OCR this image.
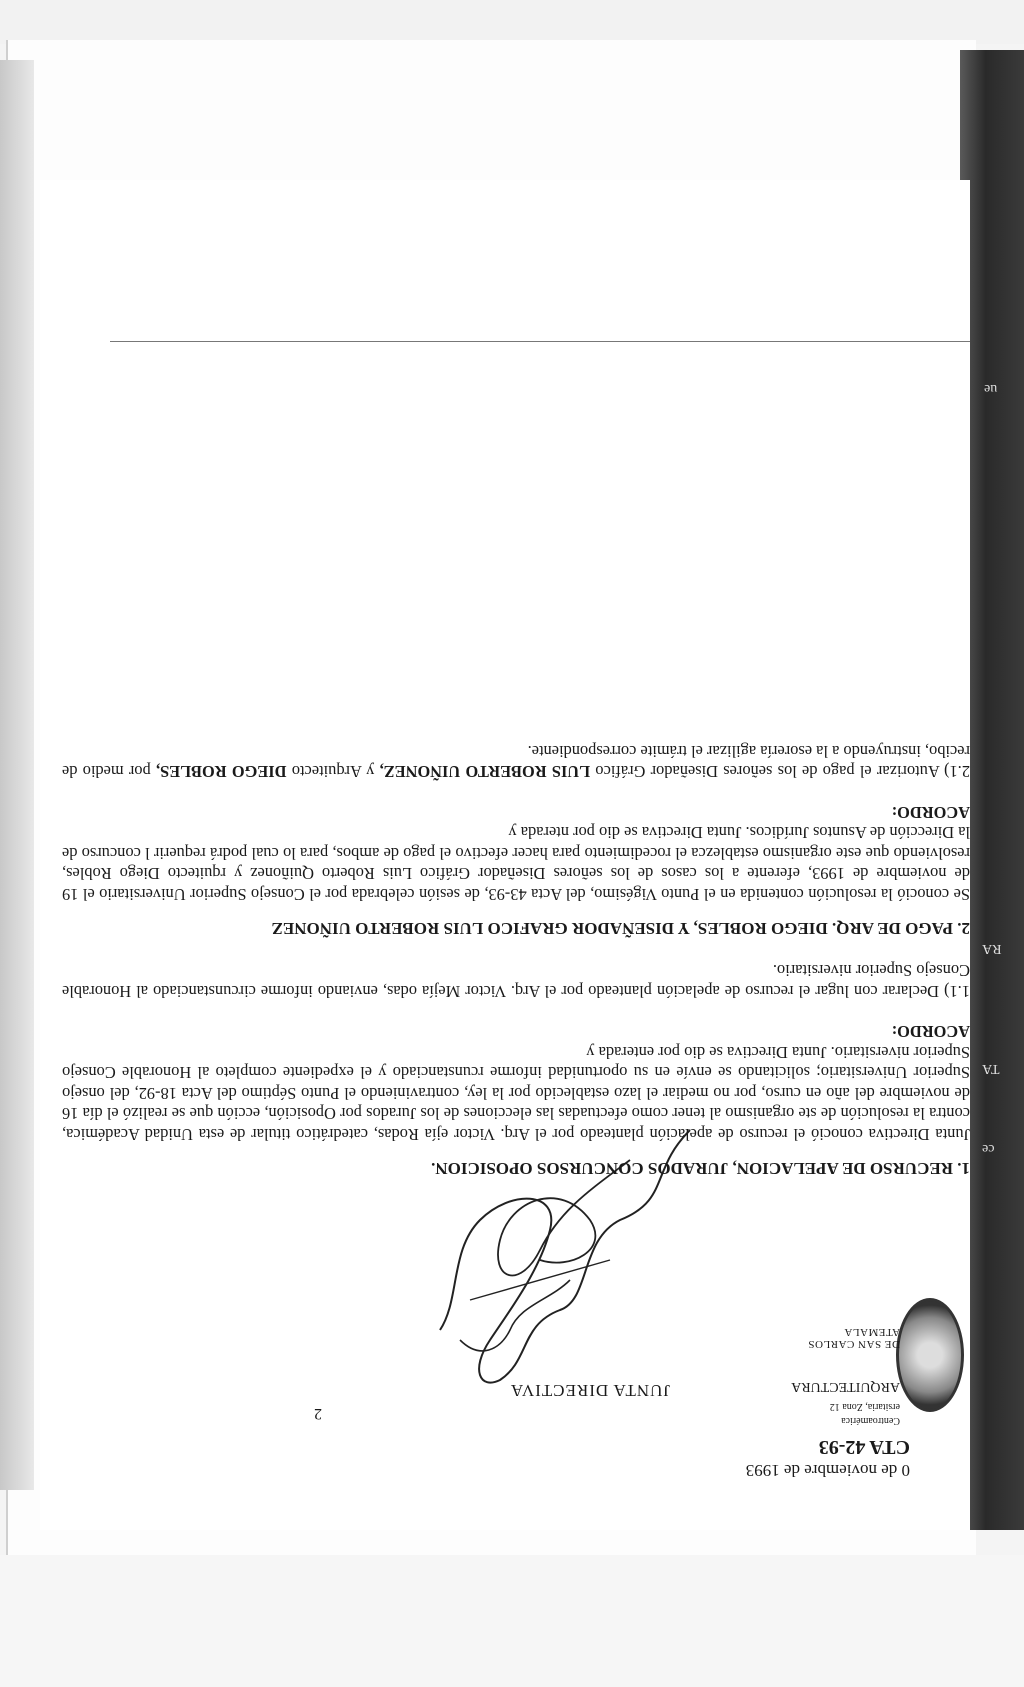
ue
RA
TA
ce
DE SAN CARLOS
ATEMALA
ARQUITECTURA
ersitaria, Zona 12
Centroamérica
JUNTA DIRECTIVA
2
CTA 42-93
0 de noviembre de 1993
1. RECURSO DE APELACION, JURADOS CONCURSOS OPOSICION.

Junta Directiva conoció el recurso de apelación planteado por el Arq. Victor ejía Rodas, catedrático titular de esta Unidad Académica, contra la resolución de ste organismo al tener como efectuadas las elecciones de los Jurados por Oposición, ección que se realizó el día 16 de noviembre del año en curso, por no mediar el lazo establecido por la ley, contraviniendo el Punto Séptimo del Acta 18-92, del onsejo Superior Universitario; solicitando se envíe en su oportunidad informe rcunstanciado y el expediente completo al Honorable Consejo Superior niversitario. Junta Directiva se dio por enterada y

ACORDO:

1.1) Declarar con lugar el recurso de apelación planteado por el Arq. Victor Mejía odas, enviando informe circunstanciado al Honorable Consejo Superior niversitario.

2. PAGO DE ARQ. DIEGO ROBLES, Y DISEÑADOR GRAFICO LUIS ROBERTO UIÑONEZ

Se conoció la resolución contenida en el Punto Vigésimo, del Acta 43-93, de sesión celebrada por el Consejo Superior Universitario el 19 de noviembre de 1993, eferente a los casos de los señores Diseñador Gráfico Luis Roberto Quiñonez y rquitecto Diego Robles, resolviendo que este organismo establezca el rocedimiento para hacer efectivo el pago de ambos, para lo cual podrá requerir l concurso de la Dirección de Asuntos Jurídicos. Junta Directiva se dio por nterada y

ACORDO:

2.1) Autorizar el pago de los señores Diseñador Gráfico LUIS ROBERTO UIÑONEZ, y Arquitecto DIEGO ROBLES, por medio de recibo, instruyendo a la esorería agilizar el trámite correspondiente.
